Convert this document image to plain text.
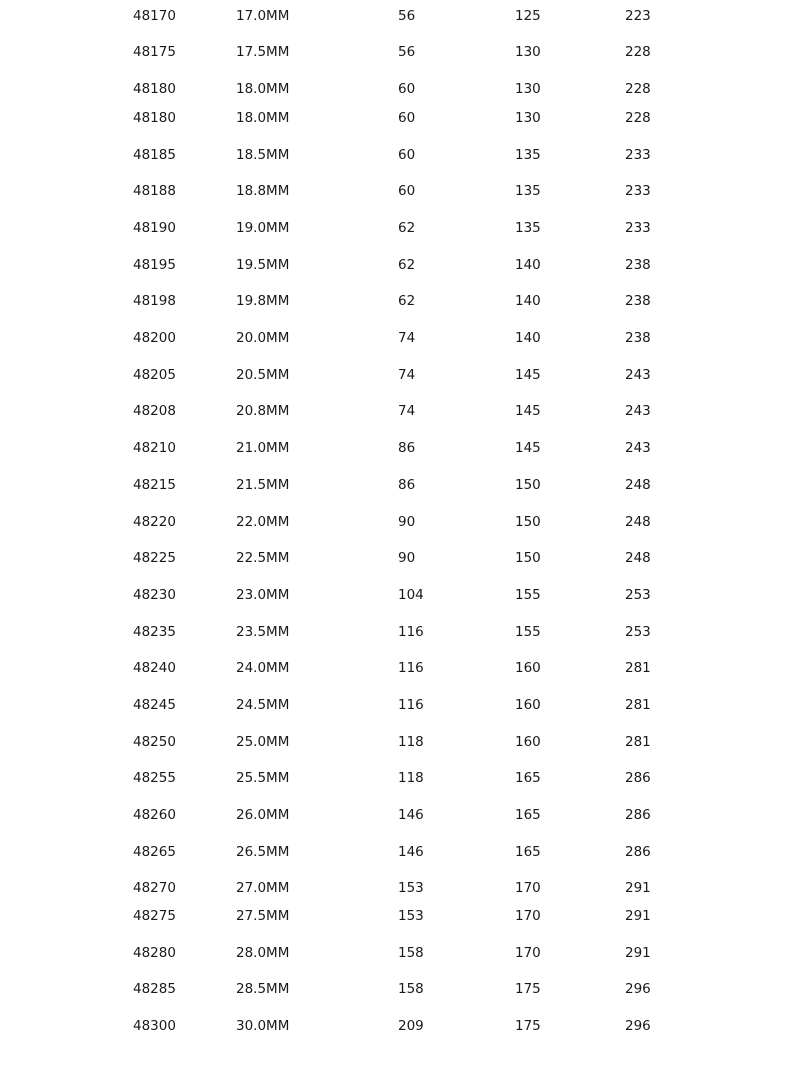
48170	17.0MM	56	125	223
48175	17.5MM	56	130	228
48180	18.0MM	60	130	228
48180	18.0MM	60	130	228
48185	18.5MM	60	135	233
48188	18.8MM	60	135	233
48190	19.0MM	62	135	233
48195	19.5MM	62	140	238
48198	19.8MM	62	140	238
48200	20.0MM	74	140	238
48205	20.5MM	74	145	243
48208	20.8MM	74	145	243
48210	21.0MM	86	145	243
48215	21.5MM	86	150	248
48220	22.0MM	90	150	248
48225	22.5MM	90	150	248
48230	23.0MM	104	155	253
48235	23.5MM	116	155	253
48240	24.0MM	116	160	281
48245	24.5MM	116	160	281
48250	25.0MM	118	160	281
48255	25.5MM	118	165	286
48260	26.0MM	146	165	286
48265	26.5MM	146	165	286
48270	27.0MM	153	170	291
48275	27.5MM	153	170	291
48280	28.0MM	158	170	291
48285	28.5MM	158	175	296
48300	30.0MM	209	175	296
